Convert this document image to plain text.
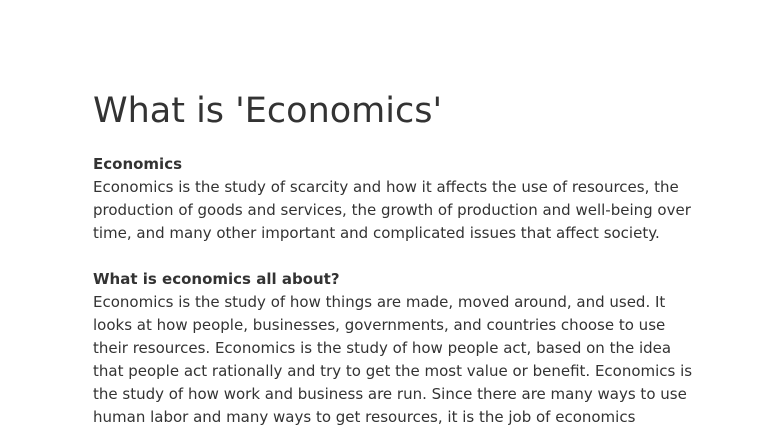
What is 'Economics'

Economics

Economics is the study of scarcity and how it affects the use of resources, the production of goods and services, the growth of production and well-being over time, and many other important and complicated issues that affect society.

What is economics all about?

Economics is the study of how things are made, moved around, and used. It looks at how people, businesses, governments, and countries choose to use their resources. Economics is the study of how people act, based on the idea that people act rationally and try to get the most value or benefit. Economics is the study of how work and business are run. Since there are many ways to use human labor and many ways to get resources, it is the job of economics
